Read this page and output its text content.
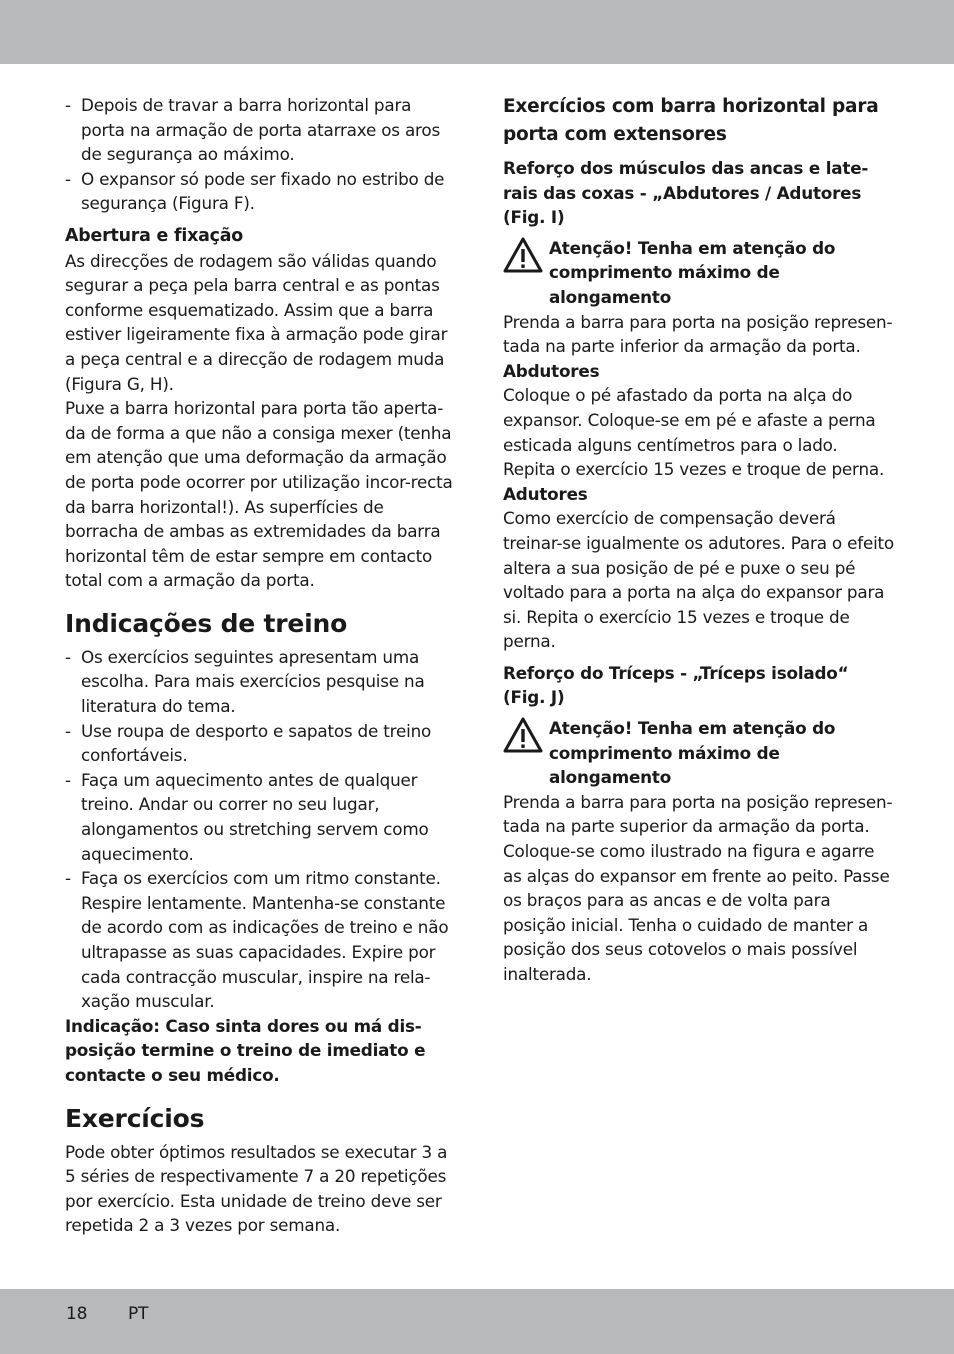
- Depois de travar a barra horizontal para porta na armação de porta atarraxe os aros de segurança ao máximo.
- O expansor só pode ser fixado no estribo de segurança (Figura F).

Abertura e fixação

As direcções de rodagem são válidas quando segurar a peça pela barra central e as pontas conforme esquematizado. Assim que a barra estiver ligeiramente fixa à armação pode girar a peça central e a direcção de rodagem muda (Figura G, H).

Puxe a barra horizontal para porta tão aperta-da de forma a que não a consiga mexer (tenha em atenção que uma deformação da armação de porta pode ocorrer por utilização incor-recta da barra horizontal!). As superfícies de borracha de ambas as extremidades da barra horizontal têm de estar sempre em contacto total com a armação da porta.

Indicações de treino

- Os exercícios seguintes apresentam uma escolha. Para mais exercícios pesquise na literatura do tema.
- Use roupa de desporto e sapatos de treino confortáveis.
- Faça um aquecimento antes de qualquer treino. Andar ou correr no seu lugar, alongamentos ou stretching servem como aquecimento.
- Faça os exercícios com um ritmo constante. Respire lentamente. Mantenha-se constante de acordo com as indicações de treino e não ultrapasse as suas capacidades. Expire por cada contracção muscular, inspire na rela-xação muscular.

Indicação: Caso sinta dores ou má dis-posição termine o treino de imediato e contacte o seu médico.

Exercícios

Pode obter óptimos resultados se executar 3 a 5 séries de respectivamente 7 a 20 repetições por exercício. Esta unidade de treino deve ser repetida 2 a 3 vezes por semana.

Exercícios com barra horizontal para porta com extensores

Reforço dos músculos das ancas e late-rais das coxas - „Abdutores / Adutores (Fig. I)

Atenção! Tenha em atenção do comprimento máximo de alongamento

Prenda a barra para porta na posição represen-tada na parte inferior da armação da porta.

Abdutores

Coloque o pé afastado da porta na alça do expansor. Coloque-se em pé e afaste a perna esticada alguns centímetros para o lado.

Repita o exercício 15 vezes e troque de perna.

Adutores

Como exercício de compensação deverá treinar-se igualmente os adutores. Para o efeito altera a sua posição de pé e puxe o seu pé voltado para a porta na alça do expansor para si. Repita o exercício 15 vezes e troque de perna.

Reforço do Tríceps - „Tríceps isolado“ (Fig. J)

Atenção! Tenha em atenção do comprimento máximo de alongamento

Prenda a barra para porta na posição represen-tada na parte superior da armação da porta. Coloque-se como ilustrado na figura e agarre as alças do expansor em frente ao peito. Passe os braços para as ancas e de volta para posição inicial. Tenha o cuidado de manter a posição dos seus cotovelos o mais possível inalterada.

18 PT
